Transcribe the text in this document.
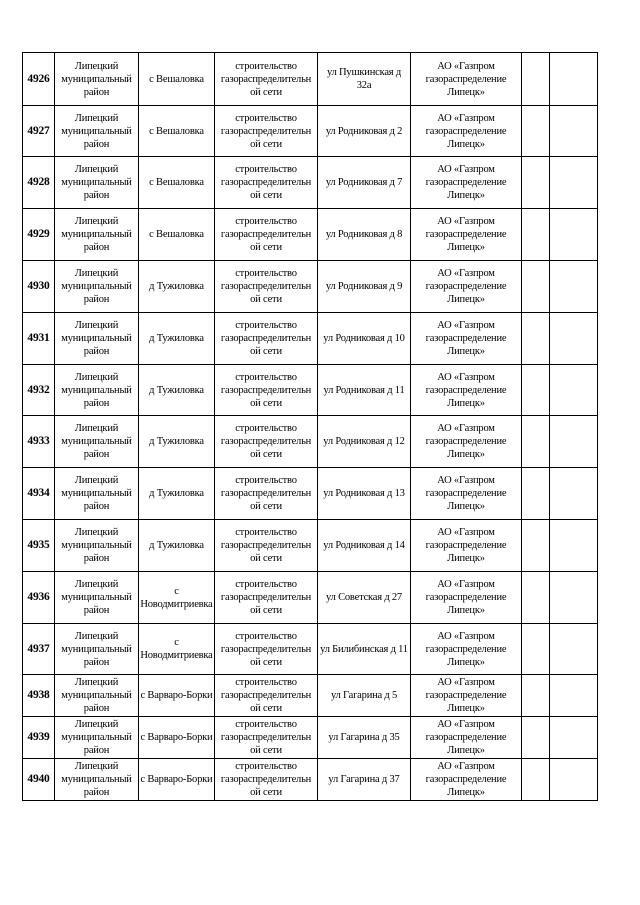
4926	Липецкий муниципальный район	с Вешаловка	строительство газораспределительн ой сети	ул Пушкинская д 32а	АО «Газпром газораспределение Липецк»		
4927	Липецкий муниципальный район	с Вешаловка	строительство газораспределительн ой сети	ул Родниковая д 2	АО «Газпром газораспределение Липецк»		
4928	Липецкий муниципальный район	с Вешаловка	строительство газораспределительн ой сети	ул Родниковая д 7	АО «Газпром газораспределение Липецк»		
4929	Липецкий муниципальный район	с Вешаловка	строительство газораспределительн ой сети	ул Родниковая д 8	АО «Газпром газораспределение Липецк»		
4930	Липецкий муниципальный район	д Тужиловка	строительство газораспределительн ой сети	ул Родниковая д 9	АО «Газпром газораспределение Липецк»		
4931	Липецкий муниципальный район	д Тужиловка	строительство газораспределительн ой сети	ул Родниковая д 10	АО «Газпром газораспределение Липецк»		
4932	Липецкий муниципальный район	д Тужиловка	строительство газораспределительн ой сети	ул Родниковая д 11	АО «Газпром газораспределение Липецк»		
4933	Липецкий муниципальный район	д Тужиловка	строительство газораспределительн ой сети	ул Родниковая д 12	АО «Газпром газораспределение Липецк»		
4934	Липецкий муниципальный район	д Тужиловка	строительство газораспределительн ой сети	ул Родниковая д 13	АО «Газпром газораспределение Липецк»		
4935	Липецкий муниципальный район	д Тужиловка	строительство газораспределительн ой сети	ул Родниковая д 14	АО «Газпром газораспределение Липецк»		
4936	Липецкий муниципальный район	с Новодмитриевка	строительство газораспределительн ой сети	ул Советская д 27	АО «Газпром газораспределение Липецк»		
4937	Липецкий муниципальный район	с Новодмитриевка	строительство газораспределительн ой сети	ул Билибинская д 11	АО «Газпром газораспределение Липецк»		
4938	Липецкий муниципальный район	с Варваро-Борки	строительство газораспределительн ой сети	ул Гагарина д 5	АО «Газпром газораспределение Липецк»		
4939	Липецкий муниципальный район	с Варваро-Борки	строительство газораспределительн ой сети	ул Гагарина д 35	АО «Газпром газораспределение Липецк»		
4940	Липецкий муниципальный район	с Варваро-Борки	строительство газораспределительн ой сети	ул Гагарина д 37	АО «Газпром газораспределение Липецк»		
